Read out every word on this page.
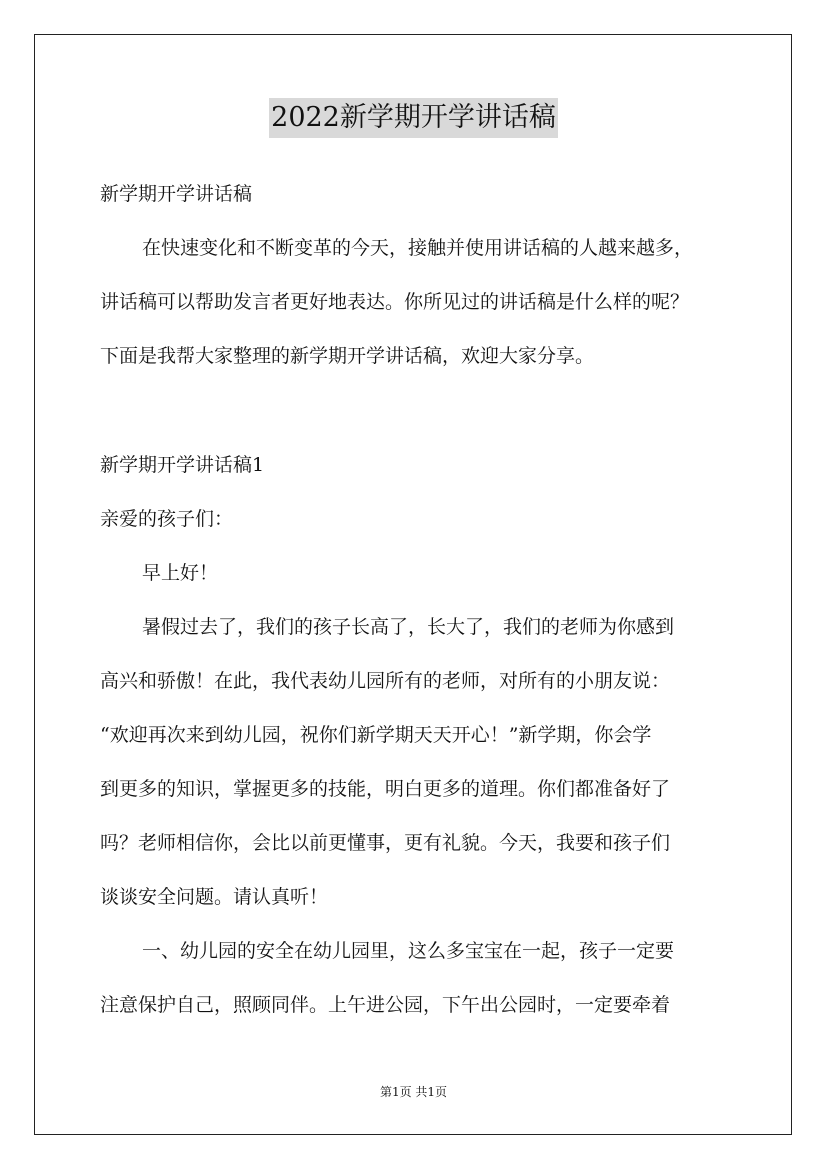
2022新学期开学讲话稿
新学期开学讲话稿
在快速变化和不断变革的今天，接触并使用讲话稿的人越来越多，
讲话稿可以帮助发言者更好地表达。你所见过的讲话稿是什么样的呢？
下面是我帮大家整理的新学期开学讲话稿，欢迎大家分享。
新学期开学讲话稿1
亲爱的孩子们：
早上好！
暑假过去了，我们的孩子长高了，长大了，我们的老师为你感到
高兴和骄傲！在此，我代表幼儿园所有的老师，对所有的小朋友说：
“欢迎再次来到幼儿园，祝你们新学期天天开心！”新学期，你会学
到更多的知识，掌握更多的技能，明白更多的道理。你们都准备好了
吗？老师相信你，会比以前更懂事，更有礼貌。今天，我要和孩子们
谈谈安全问题。请认真听！
一、幼儿园的安全在幼儿园里，这么多宝宝在一起，孩子一定要
注意保护自己，照顾同伴。上午进公园，下午出公园时，一定要牵着
第1页 共1页
